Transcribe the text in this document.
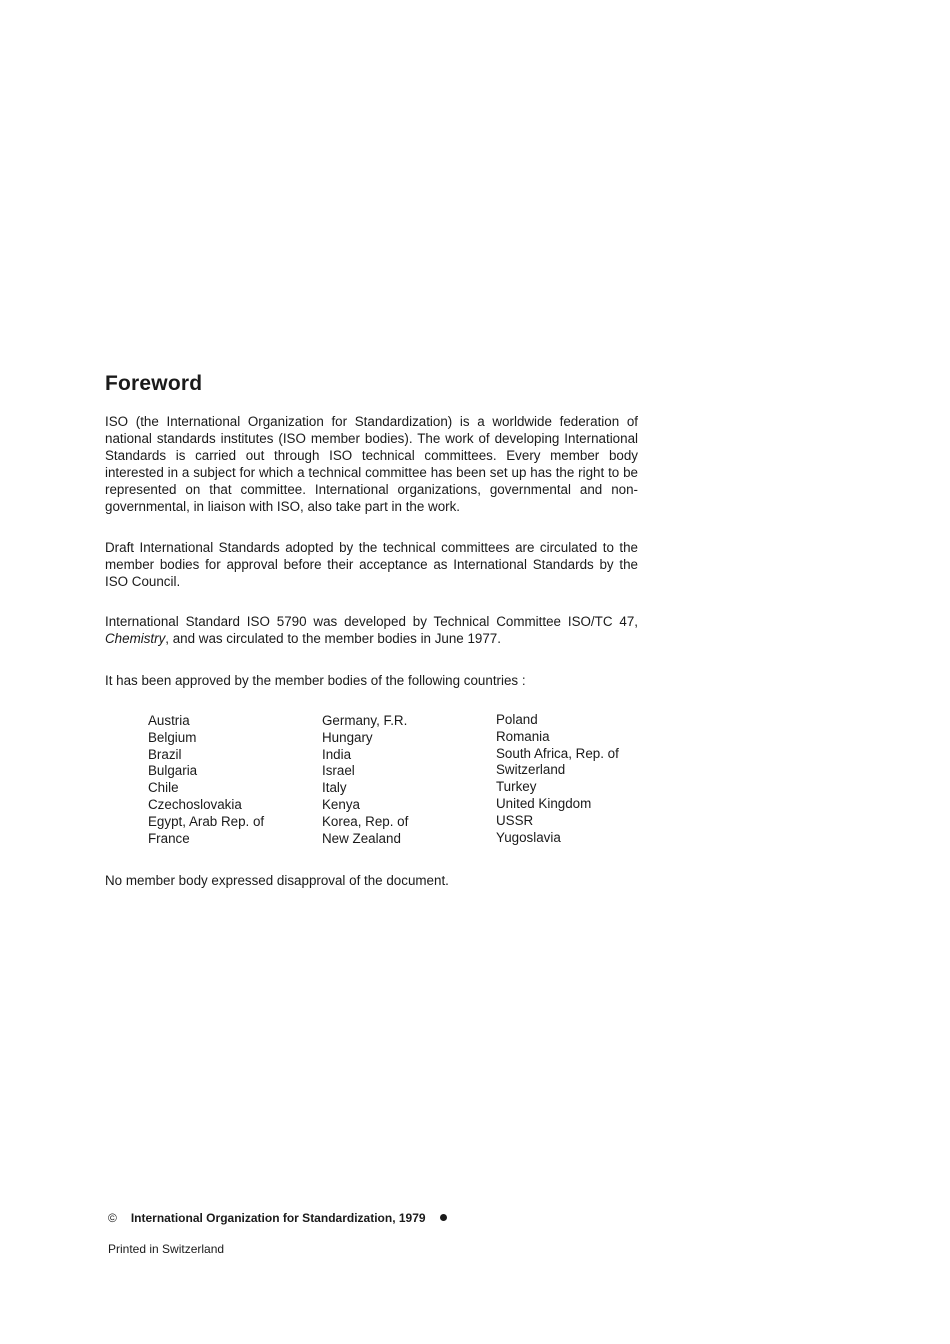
Foreword

ISO (the International Organization for Standardization) is a worldwide federation of national standards institutes (ISO member bodies). The work of developing International Standards is carried out through ISO technical committees. Every member body interested in a subject for which a technical committee has been set up has the right to be represented on that committee. International organizations, governmental and non-governmental, in liaison with ISO, also take part in the work.

Draft International Standards adopted by the technical committees are circulated to the member bodies for approval before their acceptance as International Standards by the ISO Council.

International Standard ISO 5790 was developed by Technical Committee ISO/TC 47, Chemistry, and was circulated to the member bodies in June 1977.

It has been approved by the member bodies of the following countries :

Austria
Belgium
Brazil
Bulgaria
Chile
Czechoslovakia
Egypt, Arab Rep. of
France
Germany, F.R.
Hungary
India
Israel
Italy
Kenya
Korea, Rep. of
New Zealand
Poland
Romania
South Africa, Rep. of
Switzerland
Turkey
United Kingdom
USSR
Yugoslavia

No member body expressed disapproval of the document.

© International Organization for Standardization, 1979
Printed in Switzerland
